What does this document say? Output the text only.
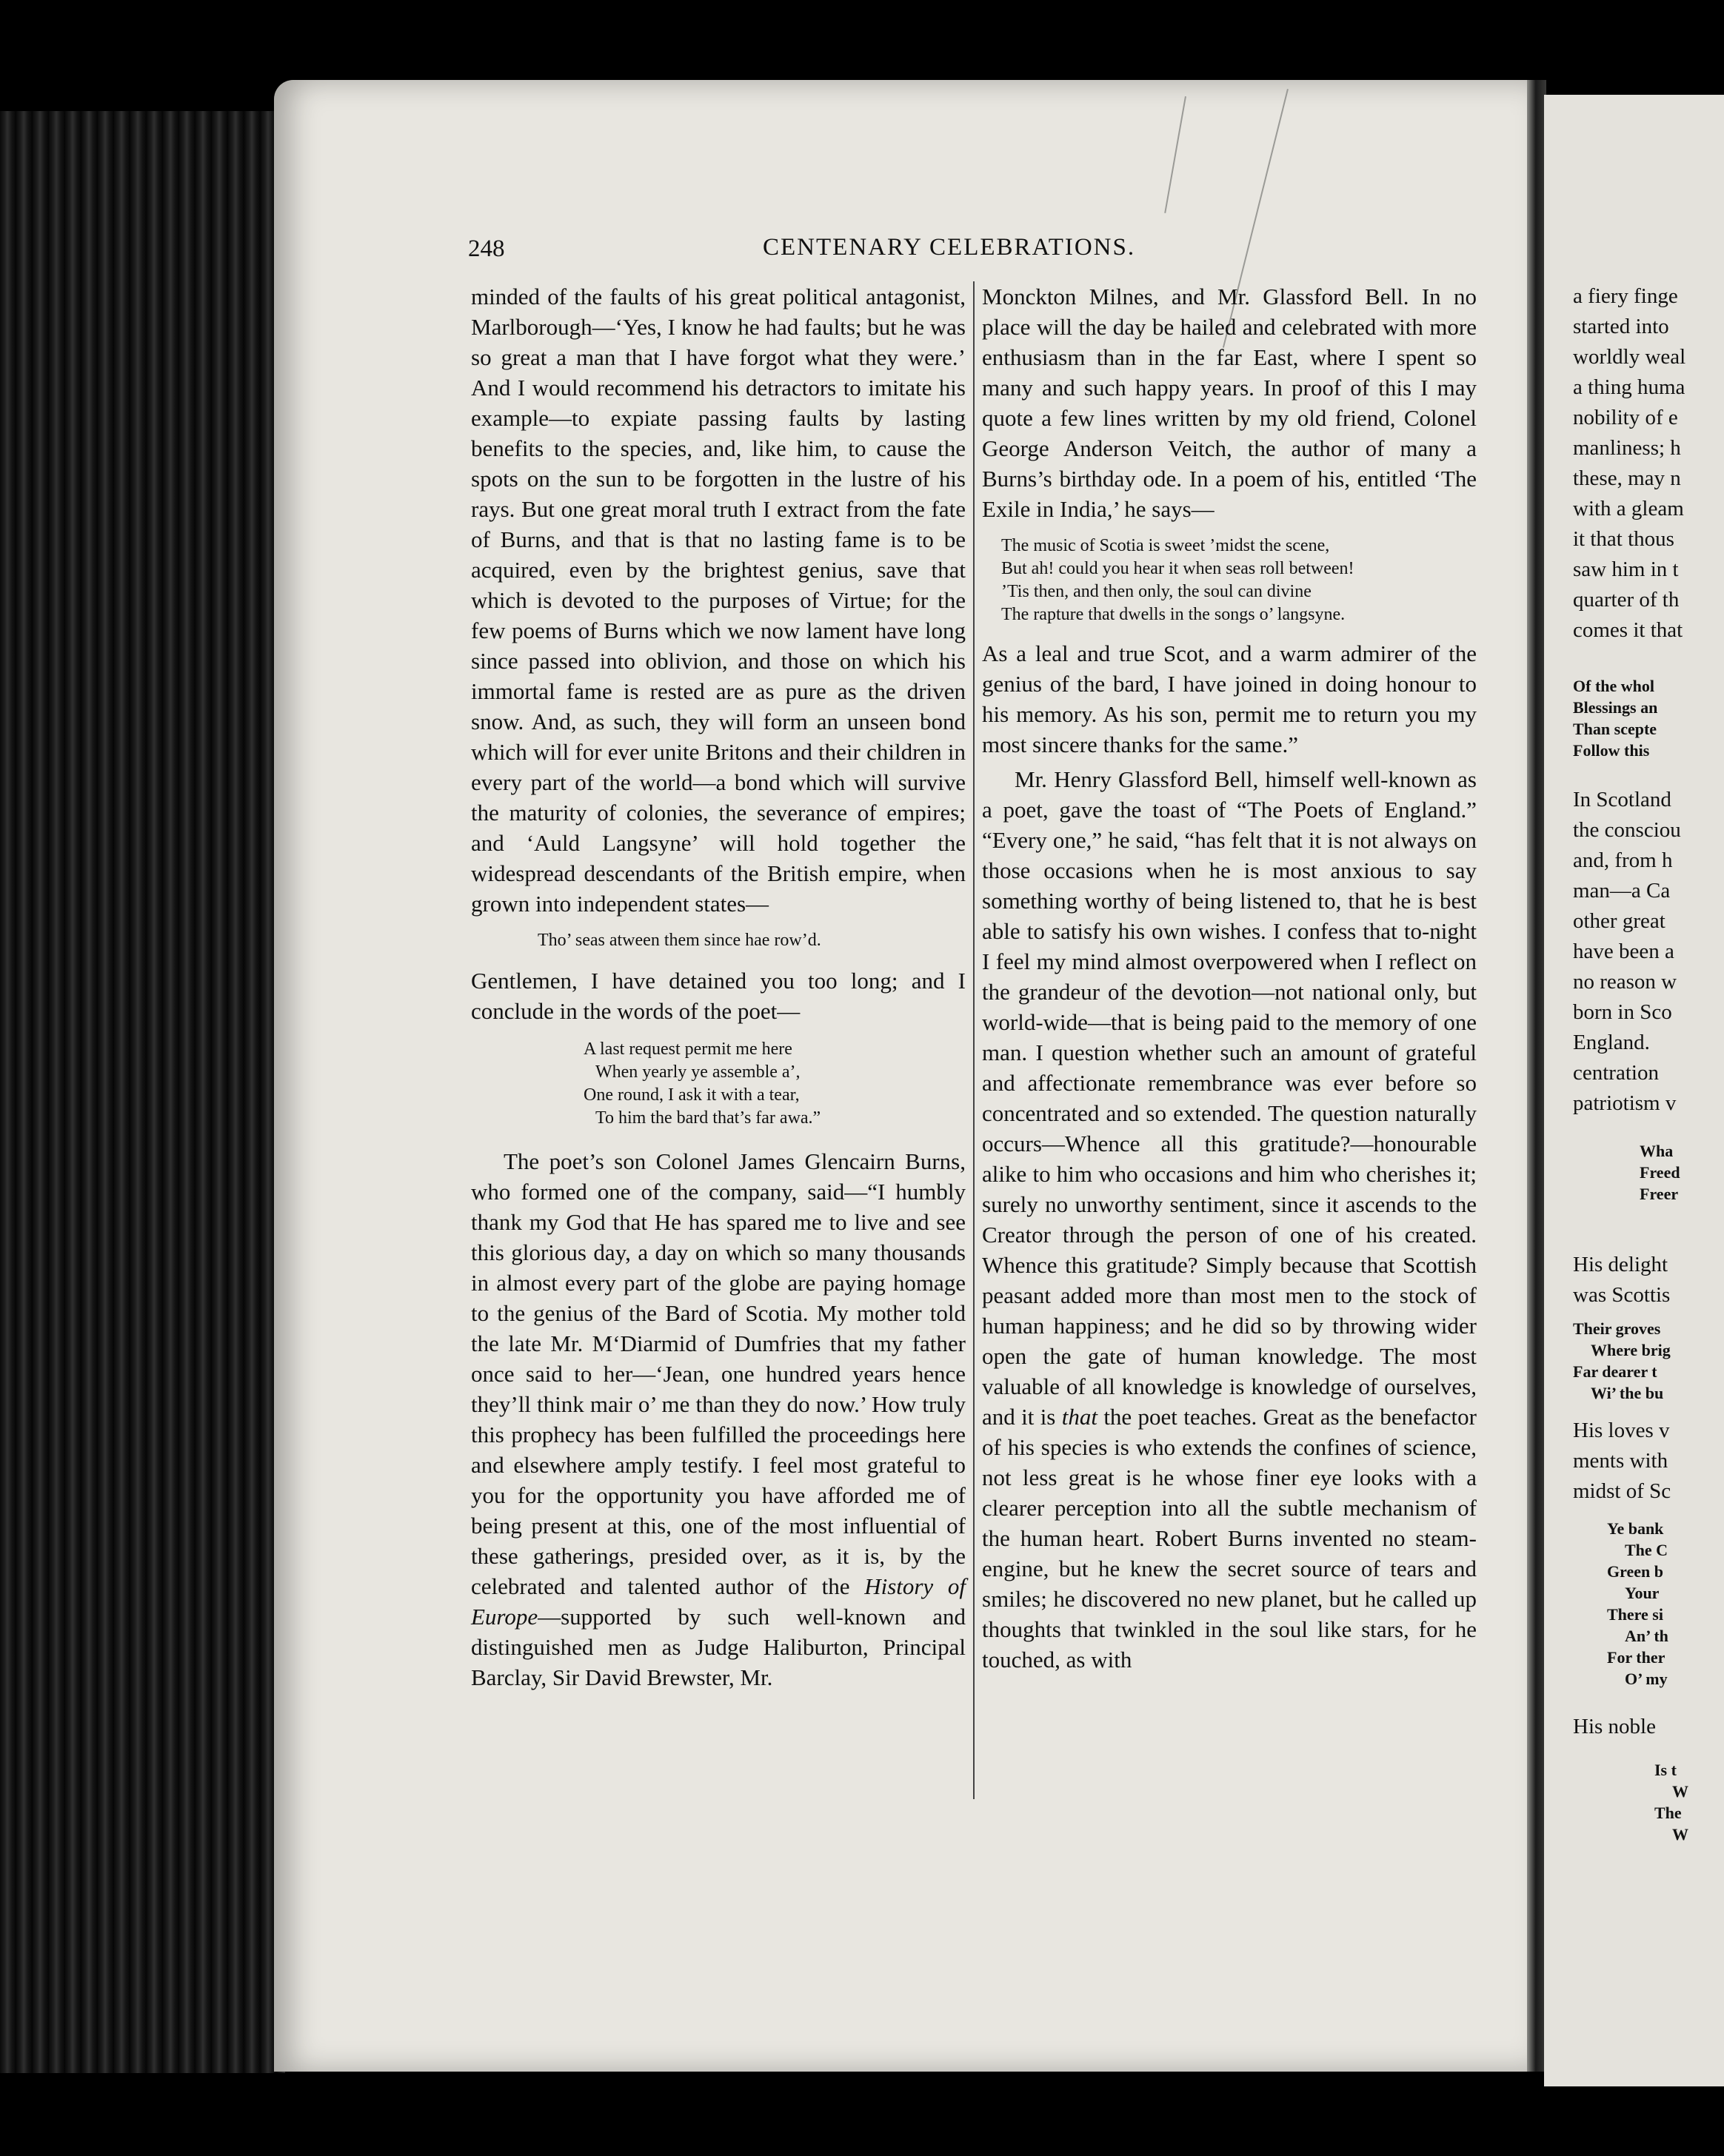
248	CENTENARY CELEBRATIONS.

minded of the faults of his great political antagonist, Marlborough—‘Yes, I know he had faults; but he was so great a man that I have forgot what they were.’ And I would recommend his detractors to imitate his example—to expiate passing faults by lasting benefits to the species, and, like him, to cause the spots on the sun to be forgotten in the lustre of his rays. But one great moral truth I extract from the fate of Burns, and that is that no lasting fame is to be acquired, even by the brightest genius, save that which is devoted to the purposes of Virtue; for the few poems of Burns which we now lament have long since passed into oblivion, and those on which his immortal fame is rested are as pure as the driven snow. And, as such, they will form an unseen bond which will for ever unite Britons and their children in every part of the world—a bond which will survive the maturity of colonies, the severance of empires; and ‘Auld Langsyne’ will hold together the widespread descendants of the British empire, when grown into independent states—

Tho’ seas atween them since hae row’d.

Gentlemen, I have detained you too long; and I conclude in the words of the poet—

A last request permit me here
When yearly ye assemble a’,
One round, I ask it with a tear,
To him the bard that’s far awa.”

The poet’s son Colonel James Glencairn Burns, who formed one of the company, said—“I humbly thank my God that He has spared me to live and see this glorious day, a day on which so many thousands in almost every part of the globe are paying homage to the genius of the Bard of Scotia. My mother told the late Mr. M‘Diarmid of Dumfries that my father once said to her—‘Jean, one hundred years hence they’ll think mair o’ me than they do now.’ How truly this prophecy has been fulfilled the proceedings here and elsewhere amply testify. I feel most grateful to you for the opportunity you have afforded me of being present at this, one of the most influential of these gatherings, presided over, as it is, by the celebrated and talented author of the History of Europe—supported by such well-known and distinguished men as Judge Haliburton, Principal Barclay, Sir David Brewster, Mr.

Monckton Milnes, and Mr. Glassford Bell. In no place will the day be hailed and celebrated with more enthusiasm than in the far East, where I spent so many and such happy years. In proof of this I may quote a few lines written by my old friend, Colonel George Anderson Veitch, the author of many a Burns’s birthday ode. In a poem of his, entitled ‘The Exile in India,’ he says—

The music of Scotia is sweet ’midst the scene,
But ah! could you hear it when seas roll between!
’Tis then, and then only, the soul can divine
The rapture that dwells in the songs o’ langsyne.

As a leal and true Scot, and a warm admirer of the genius of the bard, I have joined in doing honour to his memory. As his son, permit me to return you my most sincere thanks for the same.”

Mr. Henry Glassford Bell, himself well-known as a poet, gave the toast of “The Poets of England.” “Every one,” he said, “has felt that it is not always on those occasions when he is most anxious to say something worthy of being listened to, that he is best able to satisfy his own wishes. I confess that to-night I feel my mind almost overpowered when I reflect on the grandeur of the devotion—not national only, but world-wide—that is being paid to the memory of one man. I question whether such an amount of grateful and affectionate remembrance was ever before so concentrated and so extended. The question naturally occurs—Whence all this gratitude?—honourable alike to him who occasions and him who cherishes it; surely no unworthy sentiment, since it ascends to the Creator through the person of one of his created. Whence this gratitude? Simply because that Scottish peasant added more than most men to the stock of human happiness; and he did so by throwing wider open the gate of human knowledge. The most valuable of all knowledge is knowledge of ourselves, and it is that the poet teaches. Great as the benefactor of his species is who extends the confines of science, not less great is he whose finer eye looks with a clearer perception into all the subtle mechanism of the human heart. Robert Burns invented no steam-engine, but he knew the secret source of tears and smiles; he discovered no new planet, but he called up thoughts that twinkled in the soul like stars, for he touched, as with

a fiery finge
started into
worldly weal
a thing huma
nobility of e
manliness; h
these, may n
with a gleam
it that thous
saw him in t
quarter of th
comes it that
Of the whol
Blessings an
Than scepte
Follow this
In Scotland
the consciou
and, from h
man—a Ca
other great
have been a
no reason w
born in Sco
England.
centration
patriotism v
Wha
Freed
Freer
His delight
was Scottis
Their groves
Where brig
Far dearer t
Wi’ the bu
His loves v
ments with
midst of Sc
Ye bank
The C
Green b
Your
There si
An’ th
For ther
O’ my
His noble
Is t
W
The
W
